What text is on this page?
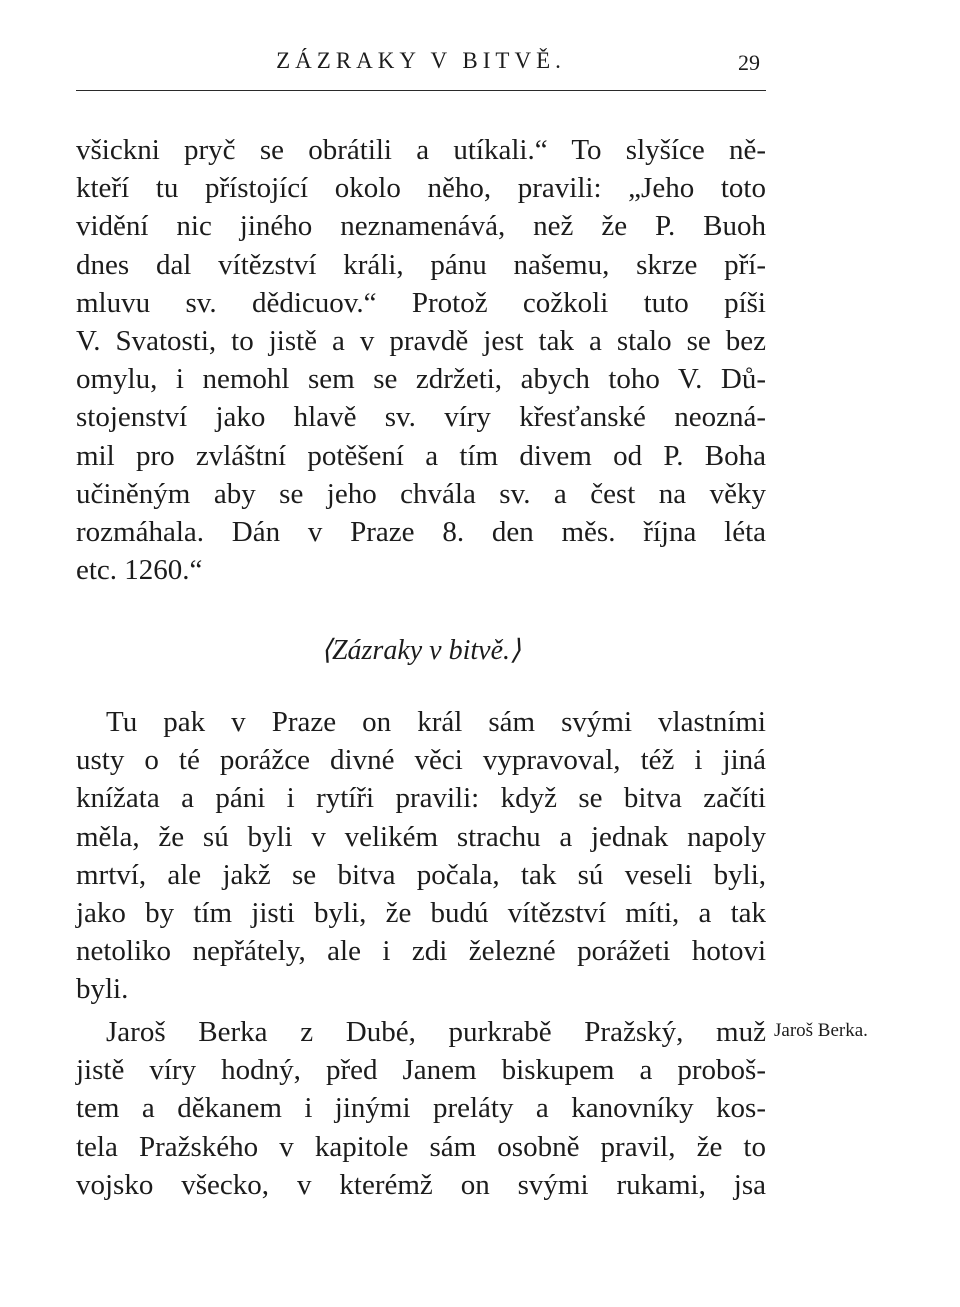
ZÁZRAKY V BITVĚ.	29
všickni pryč se obrátili a utíkali.“ To slyšíce ně-
kteří tu přístojící okolo něho, pravili: „Jeho toto
vidění nic jiného neznamenává, než že P. Buoh
dnes dal vítězství králi, pánu našemu, skrze pří-
mluvu sv. dědicuov.“ Protož cožkoli tuto píši
V. Svatosti, to jistě a v pravdě jest tak a stalo se bez
omylu, i nemohl sem se zdržeti, abych toho V. Dů-
stojenství jako hlavě sv. víry křesťanské neozná-
mil pro zvláštní potěšení a tím divem od P. Boha
učiněným aby se jeho chvála sv. a čest na věky
rozmáhala. Dán v Praze 8. den měs. října léta
etc. 1260.“
⟨Zázraky v bitvě.⟩
Tu pak v Praze on král sám svými vlastními
usty o té porážce divné věci vypravoval, též i jiná
knížata a páni i rytíři pravili: když se bitva začíti
měla, že sú byli v velikém strachu a jednak napoly
mrtví, ale jakž se bitva počala, tak sú veseli byli,
jako by tím jisti byli, že budú vítězství míti, a tak
netoliko nepřátely, ale i zdi železné porážeti hotovi
byli.
Jaroš Berka z Dubé, purkrabě Pražský, muž
jistě víry hodný, před Janem biskupem a proboš-
tem a děkanem i jinými preláty a kanovníky kos-
tela Pražského v kapitole sám osobně pravil, že to
vojsko všecko, v kterémž on svými rukami, jsa
Jaroš Berka.
